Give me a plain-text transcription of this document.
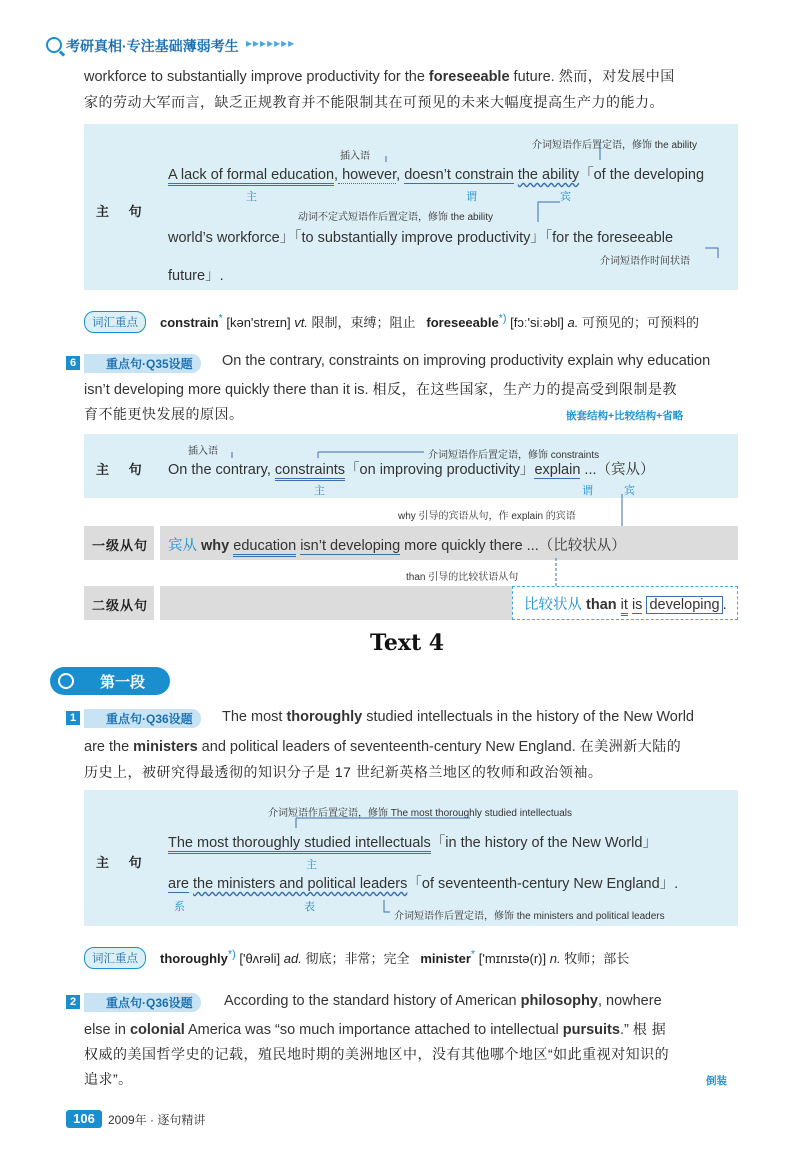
考研真相·专注基础薄弱考生 ▸▸▸▸▸▸▸
workforce to substantially improve productivity for the foreseeable future. 然而，对发展中国
家的劳动大军而言，缺乏正规教育并不能限制其在可预见的未来大幅度提高生产力的能力。
主 句
介词短语作后置定语，修饰 the ability
插入语
A lack of formal education, however, doesn’t constrain the ability「of the developing
主	谓	宾
动词不定式短语作后置定语，修饰 the ability
world’s workforce」「to substantially improve productivity」「for the foreseeable
介词短语作时间状语
future」.
词汇重点	constrain* [kən'streɪn] vt. 限制，束缚；阻止 foreseeable*) [fɔː'siːəbl] a. 可预见的；可预料的
6	重点句·Q35设题	On the contrary, constraints on improving productivity explain why education
isn’t developing more quickly there than it is. 相反，在这些国家，生产力的提高受到限制是教
育不能更快发展的原因。	嵌套结构+比较结构+省略
主 句
插入语	介词短语作后置定语，修饰 constraints
On the contrary, constraints「on improving productivity」explain ...（宾从）
主	谓	宾
why 引导的宾语从句，作 explain 的宾语
一级从句 宾从 why education isn’t developing more quickly there ...（比较状从）
than 引导的比较状语从句
二级从句	比较状从 than it is developing .
Text 4
第一段
1	重点句·Q36设题	The most thoroughly studied intellectuals in the history of the New World
are the ministers and political leaders of seventeenth-century New England. 在美洲新大陆的
历史上，被研究得最透彻的知识分子是 17 世纪新英格兰地区的牧师和政治领袖。
主 句
介词短语作后置定语，修饰 The most thoroughly studied intellectuals
The most thoroughly studied intellectuals「in the history of the New World」
主
are the ministers and political leaders「of seventeenth-century New England」.
系	表
介词短语作后置定语，修饰 the ministers and political leaders
词汇重点	thoroughly*) ['θʌrəli] ad. 彻底；非常；完全 minister* ['mɪnɪstə(r)] n. 牧师；部长
2	重点句·Q36设题	According to the standard history of American philosophy, nowhere
else in colonial America was “so much importance attached to intellectual pursuits.” 根 据
权威的美国哲学史的记载，殖民地时期的美洲地区中，没有其他哪个地区“如此重视对知识的
追求”。	倒装
106	2009年 · 逐句精讲
